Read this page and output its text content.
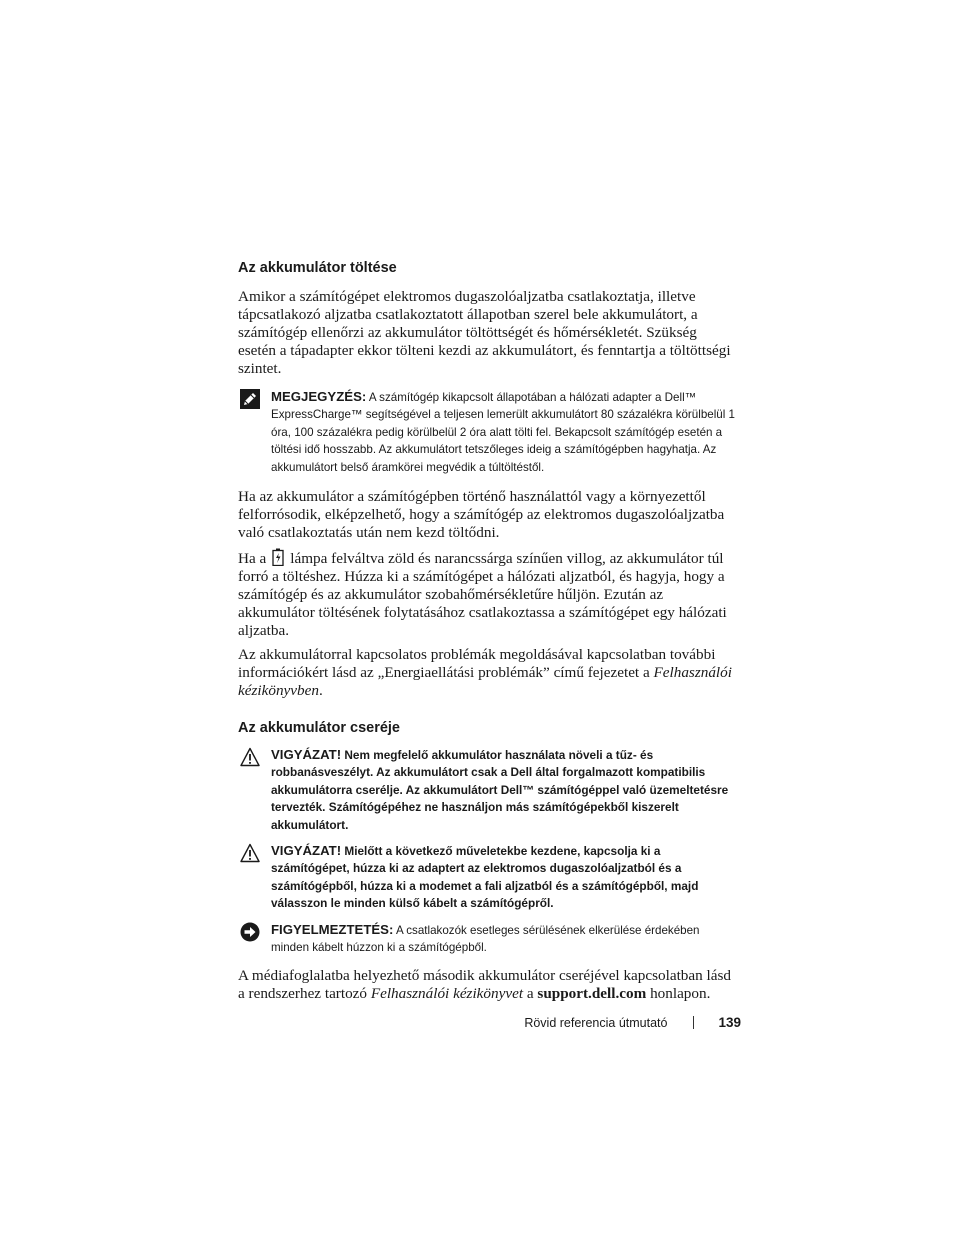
Az akkumulátor töltése

Amikor a számítógépet elektromos dugaszolóaljzatba csatlakoztatja, illetve tápcsatlakozó aljzatba csatlakoztatott állapotban szerel bele akkumulátort, a számítógép ellenőrzi az akkumulátor töltöttségét és hőmérsékletét. Szükség esetén a tápadapter ekkor tölteni kezdi az akkumulátort, és fenntartja a töltöttségi szintet.

MEGJEGYZÉS: A számítógép kikapcsolt állapotában a hálózati adapter a Dell™ ExpressCharge™ segítségével a teljesen lemerült akkumulátort 80 százalékra körülbelül 1 óra, 100 százalékra pedig körülbelül 2 óra alatt tölti fel. Bekapcsolt számítógép esetén a töltési idő hosszabb. Az akkumulátort tetszőleges ideig a számítógépben hagyhatja. Az akkumulátort belső áramkörei megvédik a túltöltéstől.

Ha az akkumulátor a számítógépben történő használattól vagy a környezettől felforrósodik, elképzelhető, hogy a számítógép az elektromos dugaszolóaljzatba való csatlakoztatás után nem kezd töltődni.

Ha a lámpa felváltva zöld és narancssárga színűen villog, az akkumulátor túl forró a töltéshez. Húzza ki a számítógépet a hálózati aljzatból, és hagyja, hogy a számítógép és az akkumulátor szobahőmérsékletűre hűljön. Ezután az akkumulátor töltésének folytatásához csatlakoztassa a számítógépet egy hálózati aljzatba.

Az akkumulátorral kapcsolatos problémák megoldásával kapcsolatban további információkért lásd az „Energiaellátási problémák” című fejezetet a Felhasználói kézikönyvben.

Az akkumulátor cseréje
VIGYÁZAT! Nem megfelelő akkumulátor használata növeli a tűz- és robbanásveszélyt. Az akkumulátort csak a Dell által forgalmazott kompatibilis akkumulátorra cserélje. Az akkumulátort Dell™ számítógéppel való üzemeltetésre tervezték. Számítógépéhez ne használjon más számítógépekből kiszerelt akkumulátort.
VIGYÁZAT! Mielőtt a következő műveletekbe kezdene, kapcsolja ki a számítógépet, húzza ki az adaptert az elektromos dugaszolóaljzatból és a számítógépből, húzza ki a modemet a fali aljzatból és a számítógépből, majd válasszon le minden külső kábelt a számítógépről.
FIGYELMEZTETÉS: A csatlakozók esetleges sérülésének elkerülése érdekében minden kábelt húzzon ki a számítógépből.

A médiafoglalatba helyezhető második akkumulátor cseréjével kapcsolatban lásd a rendszerhez tartozó Felhasználói kézikönyvet a support.dell.com honlapon.

Rövid referencia útmutató	139
